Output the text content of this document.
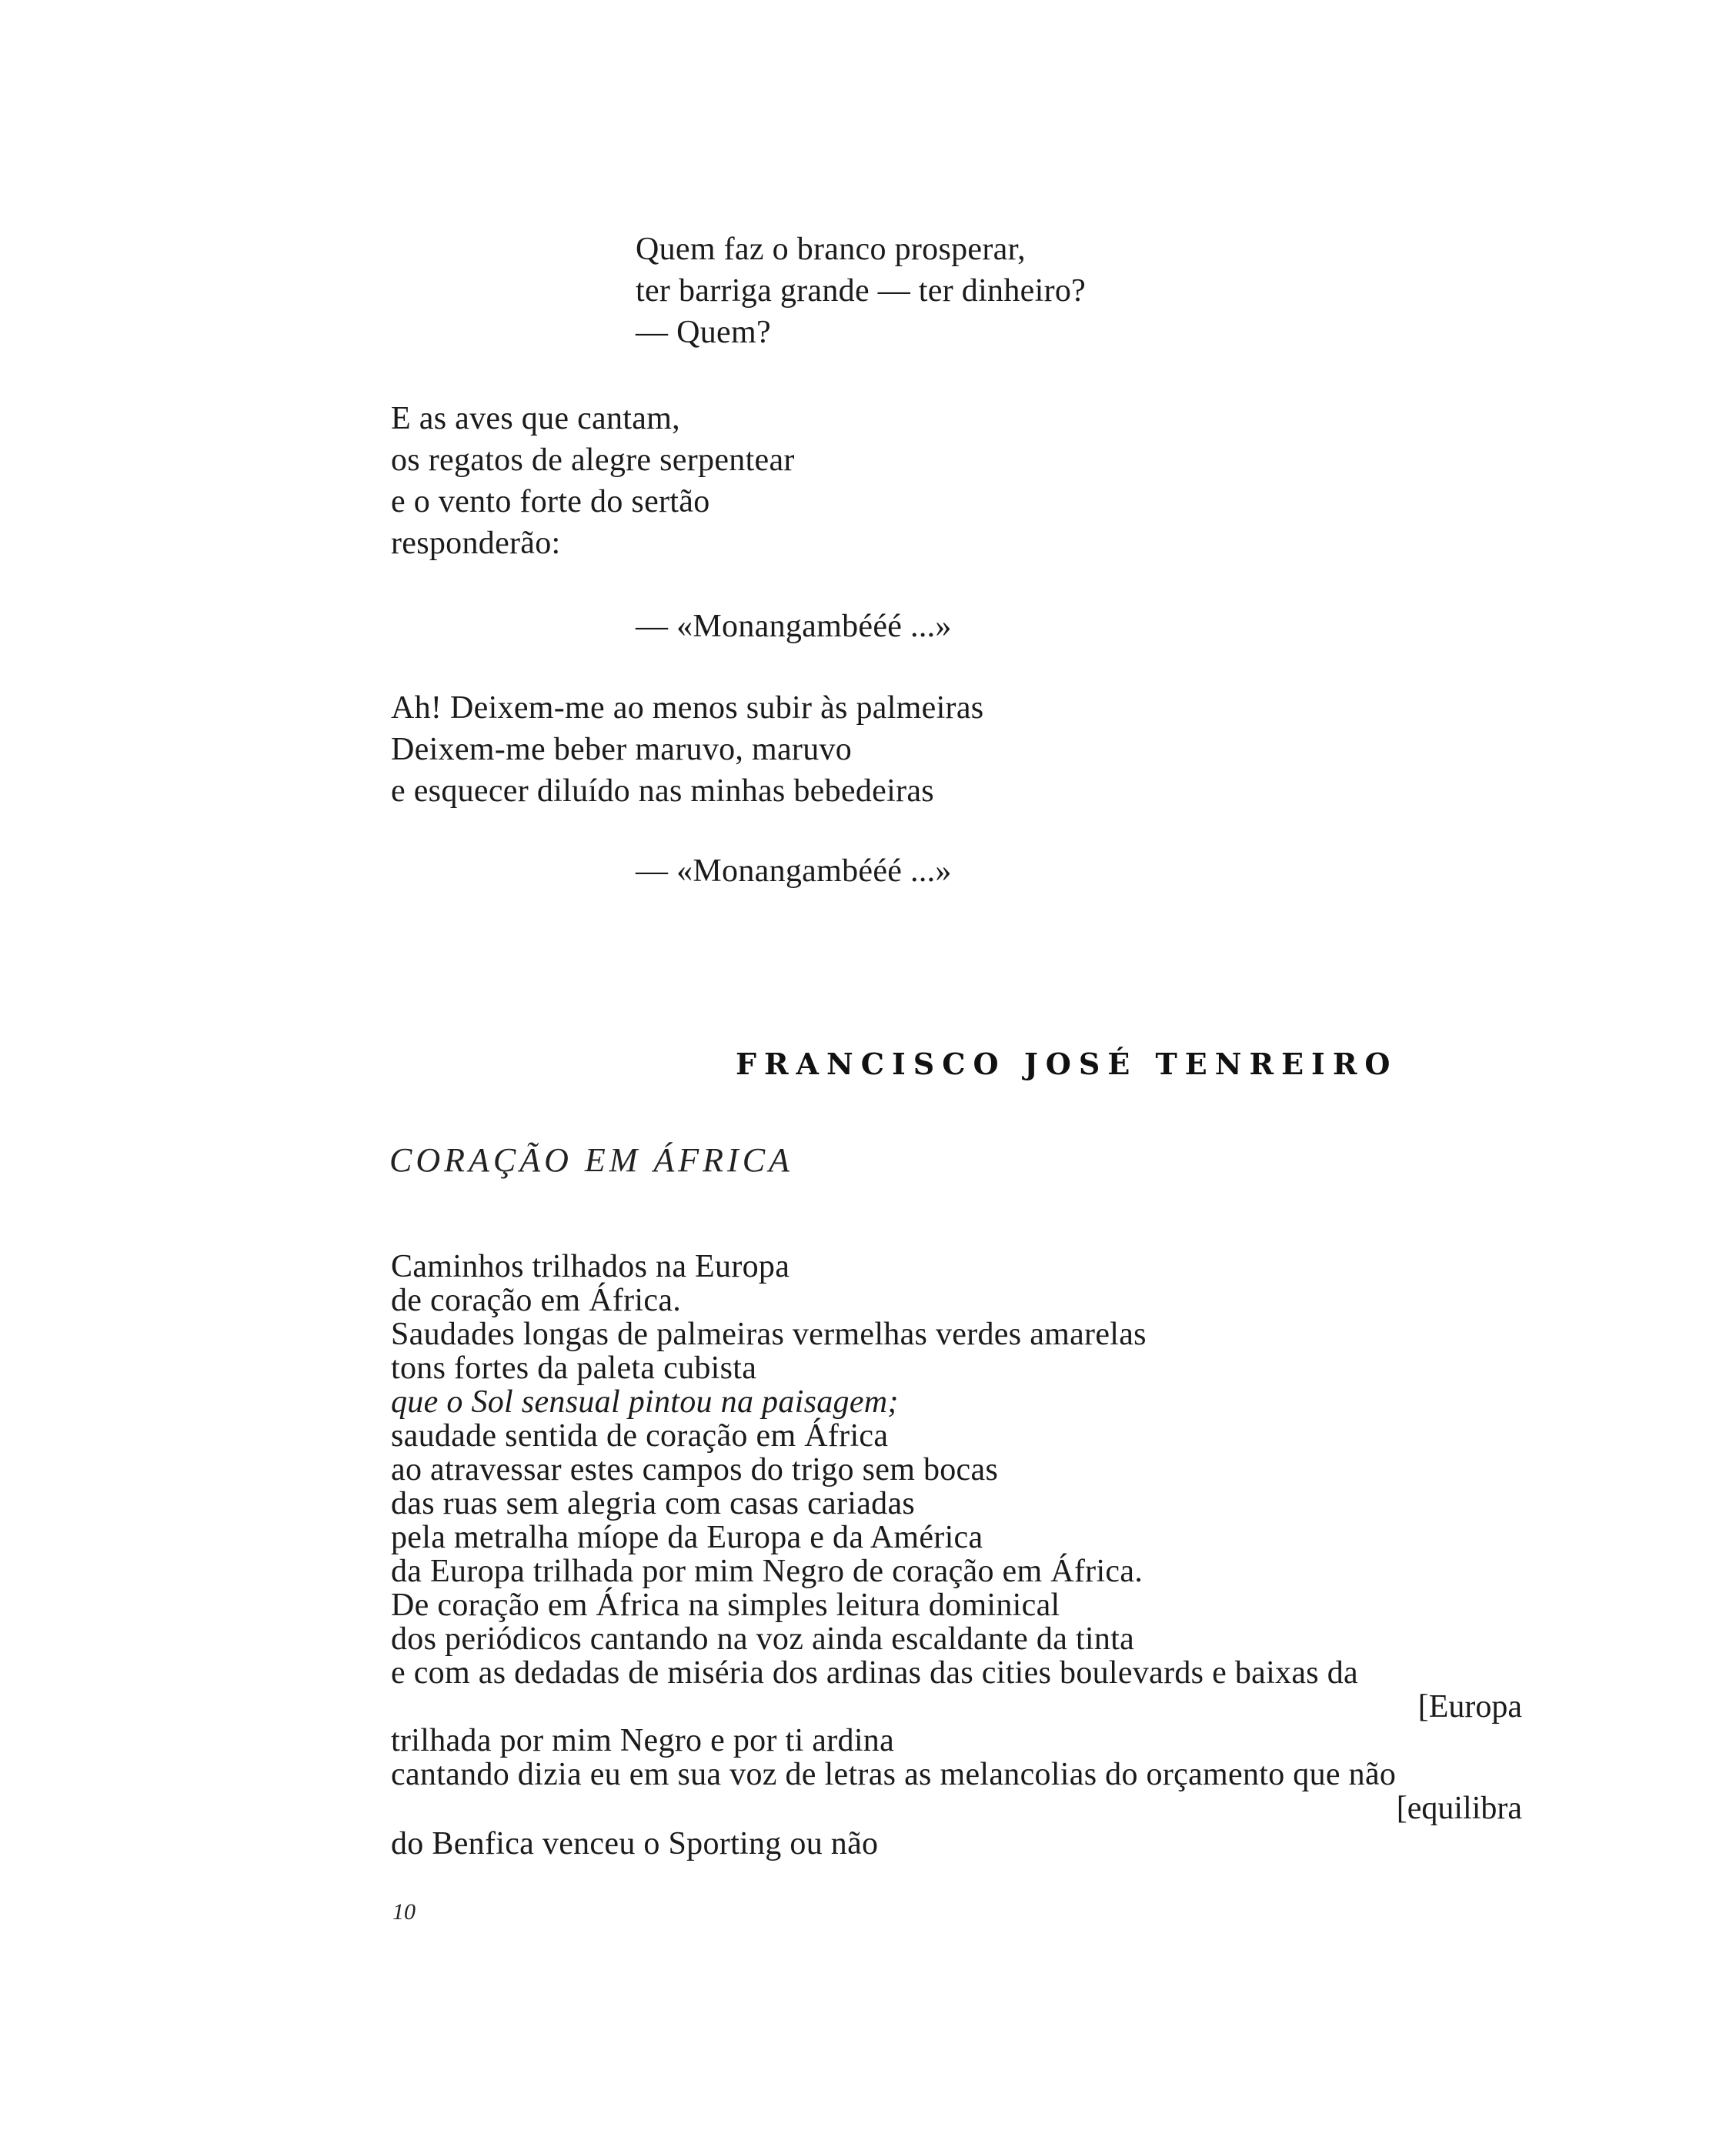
Quem faz o branco prosperar,
ter barriga grande — ter dinheiro?
— Quem?
E as aves que cantam,
os regatos de alegre serpentear
e o vento forte do sertão
responderão:
— «Monangambééé ...»
Ah! Deixem-me ao menos subir às palmeiras
Deixem-me beber maruvo, maruvo
e esquecer diluído nas minhas bebedeiras
— «Monangambééé ...»
FRANCISCO JOSÉ TENREIRO
CORAÇÃO EM ÁFRICA
Caminhos trilhados na Europa
de coração em África.
Saudades longas de palmeiras vermelhas verdes amarelas
tons fortes da paleta cubista
que o Sol sensual pintou na paisagem;
saudade sentida de coração em África
ao atravessar estes campos do trigo sem bocas
das ruas sem alegria com casas cariadas
pela metralha míope da Europa e da América
da Europa trilhada por mim Negro de coração em África.
De coração em África na simples leitura dominical
dos periódicos cantando na voz ainda escaldante da tinta
e com as dedadas de miséria dos ardinas das cities boulevards e baixas da
[Europa
trilhada por mim Negro e por ti ardina
cantando dizia eu em sua voz de letras as melancolias do orçamento que não
[equilibra
do Benfica venceu o Sporting ou não
10
